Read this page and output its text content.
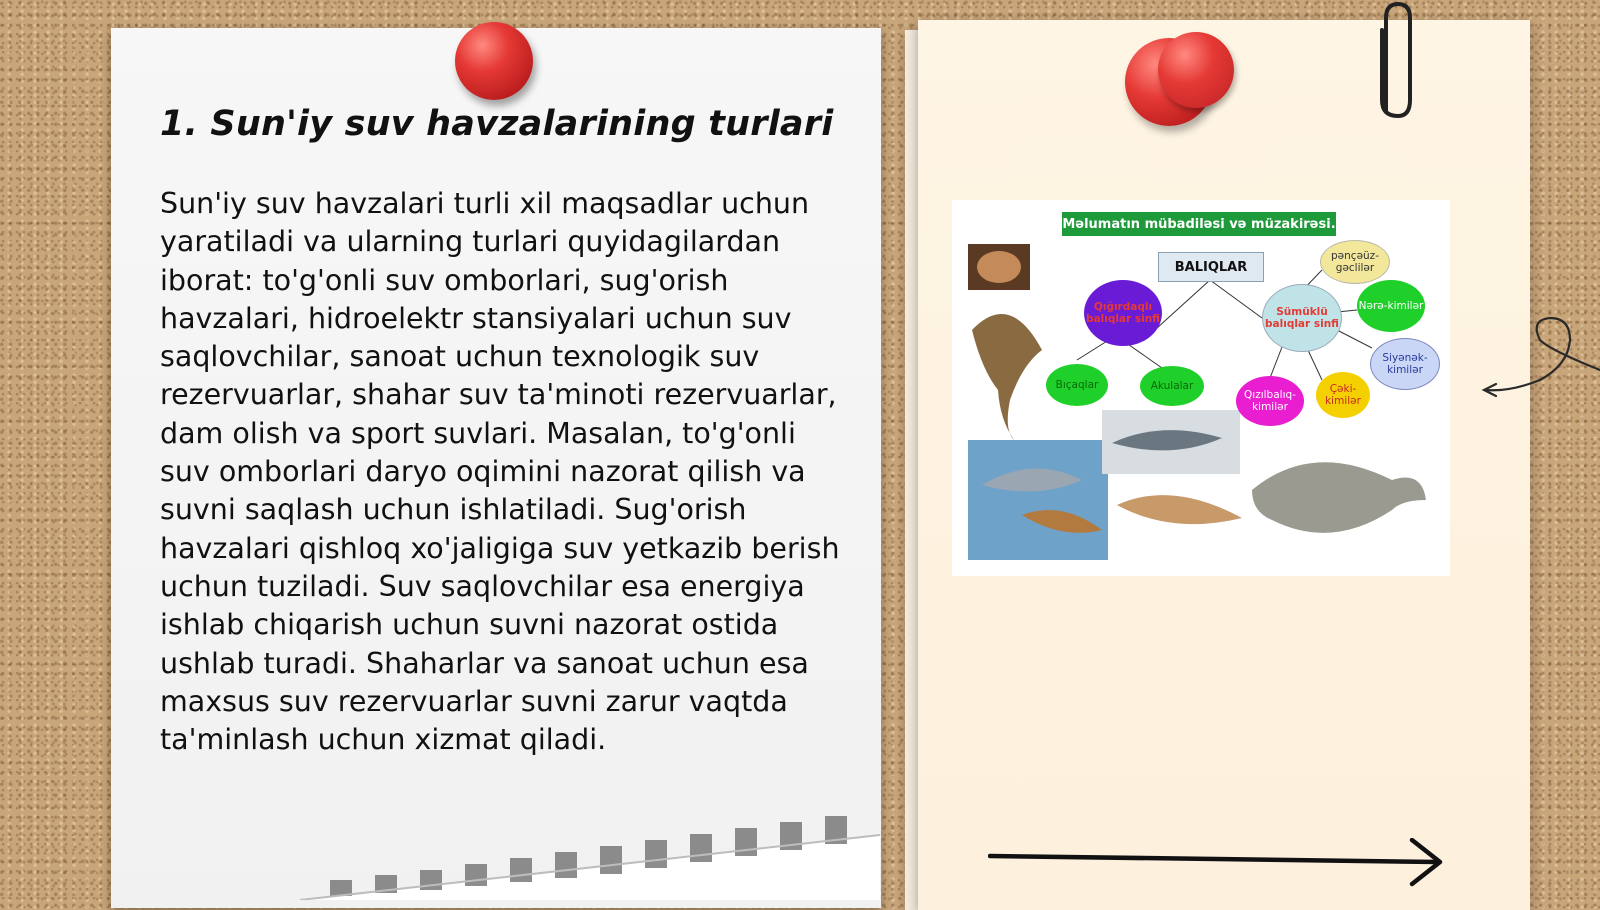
1. Sun'iy suv havzalarining turlari

Sun'iy suv havzalari turli xil maqsadlar uchun yaratiladi va ularning turlari quyidagilardan iborat: to'g'onli suv omborlari, sug'orish havzalari, hidroelektr stansiyalari uchun suv saqlovchilar, sanoat uchun texnologik suv rezervuarlar, shahar suv ta'minoti rezervuarlar, dam olish va sport suvlari. Masalan, to'g'onli suv omborlari daryo oqimini nazorat qilish va suvni saqlash uchun ishlatiladi. Sug'orish havzalari qishloq xo'jaligiga suv yetkazib berish uchun tuziladi. Suv saqlovchilar esa energiya ishlab chiqarish uchun suvni nazorat ostida ushlab turadi. Shaharlar va sanoat uchun esa maxsus suv rezervuarlar suvni zarur vaqtda ta'minlash uchun xizmat qiladi.

Məlumatın mübadiləsi və müzakirəsi.
BALIQLAR
Qığırdaqlı balıqlar sinfi
Sümüklü balıqlar sinfi
pənçəüz-gəclilər
Nərə-kimilər
Siyənək-kimilər
Bıçaqlar	Akulalar
Qızılbalıq-kimilər
Çəki-kimilər
